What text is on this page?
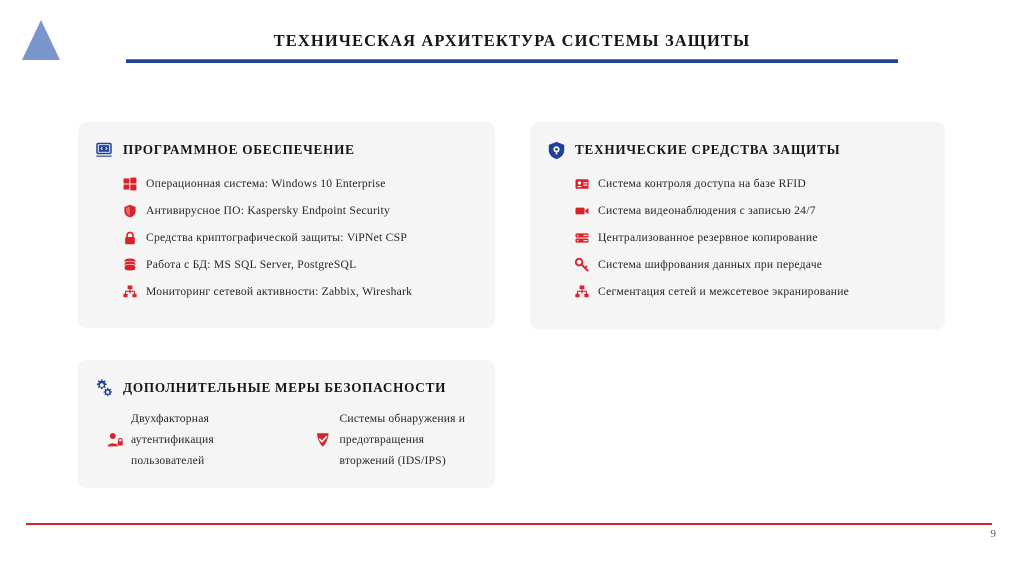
ТЕХНИЧЕСКАЯ АРХИТЕКТУРА СИСТЕМЫ ЗАЩИТЫ
ПРОГРАММНОЕ ОБЕСПЕЧЕНИЕ
Операционная система: Windows 10 Enterprise
Антивирусное ПО: Kaspersky Endpoint Security
Средства криптографической защиты: ViPNet CSP
Работа с БД: MS SQL Server, PostgreSQL
Мониторинг сетевой активности: Zabbix, Wireshark
ТЕХНИЧЕСКИЕ СРЕДСТВА ЗАЩИТЫ
Система контроля доступа на базе RFID
Система видеонаблюдения с записью 24/7
Централизованное резервное копирование
Система шифрования данных при передаче
Сегментация сетей и межсетевое экранирование
ДОПОЛНИТЕЛЬНЫЕ МЕРЫ БЕЗОПАСНОСТИ
Двухфакторная аутентификация пользователей
Системы обнаружения и предотвращения вторжений (IDS/IPS)
9
